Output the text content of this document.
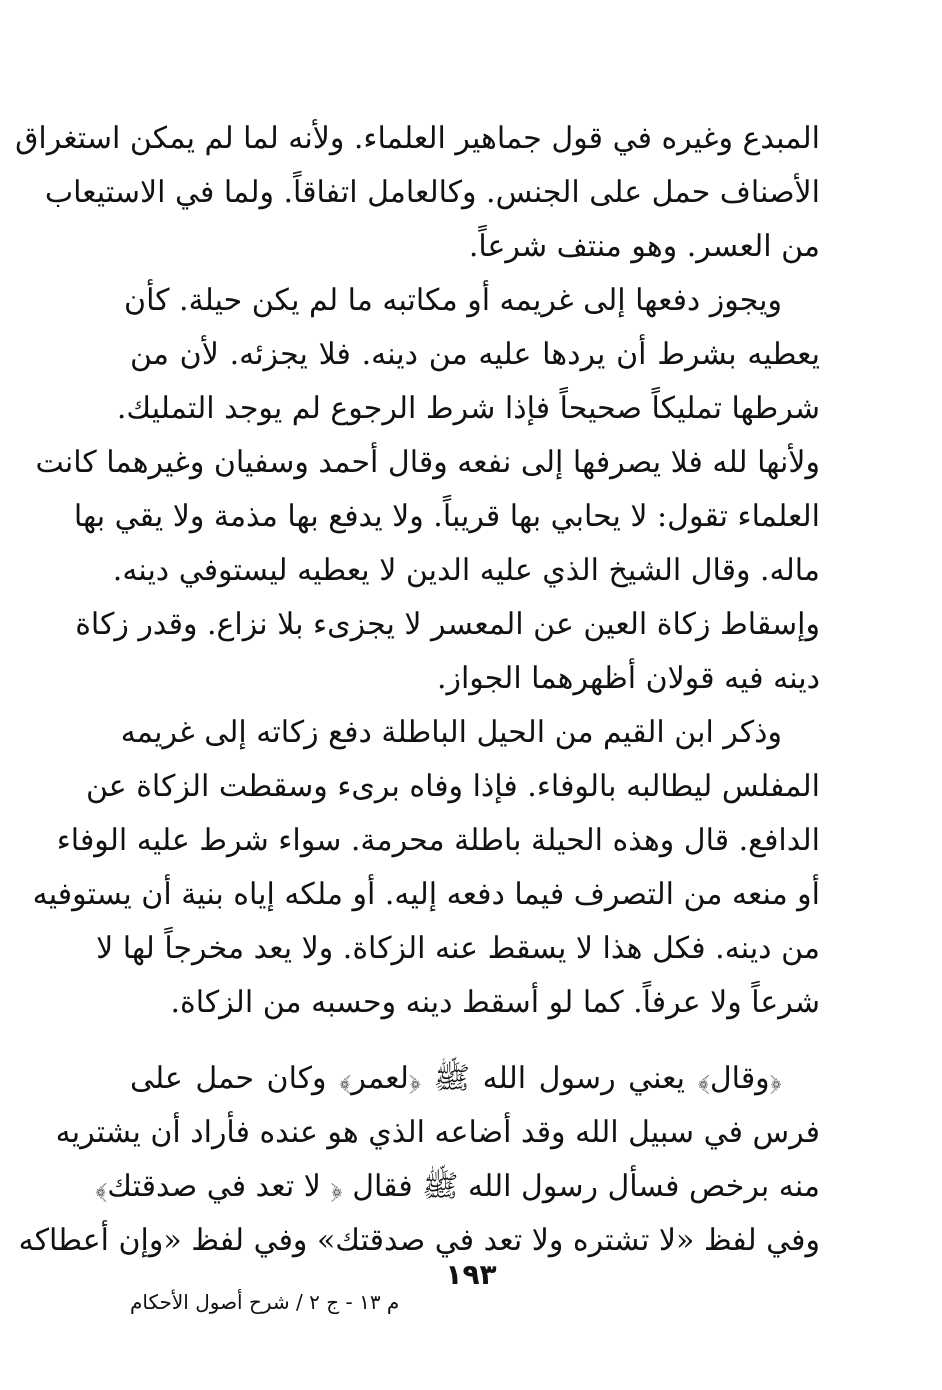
المبدع وغيره في قول جماهير العلماء. ولأنه لما لم يمكن استغراق
الأصناف حمل على الجنس. وكالعامل اتفاقاً. ولما في الاستيعاب
من العسر. وهو منتف شرعاً.
ويجوز دفعها إلى غريمه أو مكاتبه ما لم يكن حيلة. كأن
يعطيه بشرط أن يردها عليه من دينه. فلا يجزئه. لأن من
شرطها تمليكاً صحيحاً فإذا شرط الرجوع لم يوجد التمليك.
ولأنها لله فلا يصرفها إلى نفعه وقال أحمد وسفيان وغيرهما كانت
العلماء تقول: لا يحابي بها قريباً. ولا يدفع بها مذمة ولا يقي بها
ماله. وقال الشيخ الذي عليه الدين لا يعطيه ليستوفي دينه.
وإسقاط زكاة العين عن المعسر لا يجزىء بلا نزاع. وقدر زكاة
دينه فيه قولان أظهرهما الجواز.
وذكر ابن القيم من الحيل الباطلة دفع زكاته إلى غريمه
المفلس ليطالبه بالوفاء. فإذا وفاه برىء وسقطت الزكاة عن
الدافع. قال وهذه الحيلة باطلة محرمة. سواء شرط عليه الوفاء
أو منعه من التصرف فيما دفعه إليه. أو ملكه إياه بنية أن يستوفيه
من دينه. فكل هذا لا يسقط عنه الزكاة. ولا يعد مخرجاً لها لا
شرعاً ولا عرفاً. كما لو أسقط دينه وحسبه من الزكاة.
﴿وقال﴾ يعني رسول الله ﷺ ﴿لعمر﴾ وكان حمل على
فرس في سبيل الله وقد أضاعه الذي هو عنده فأراد أن يشتريه
منه برخص فسأل رسول الله ﷺ فقال ﴿ لا تعد في صدقتك﴾
وفي لفظ «لا تشتره ولا تعد في صدقتك» وفي لفظ «وإن أعطاكه
١٩٣
م ١٣ - ج ٢ / شرح أصول الأحكام
